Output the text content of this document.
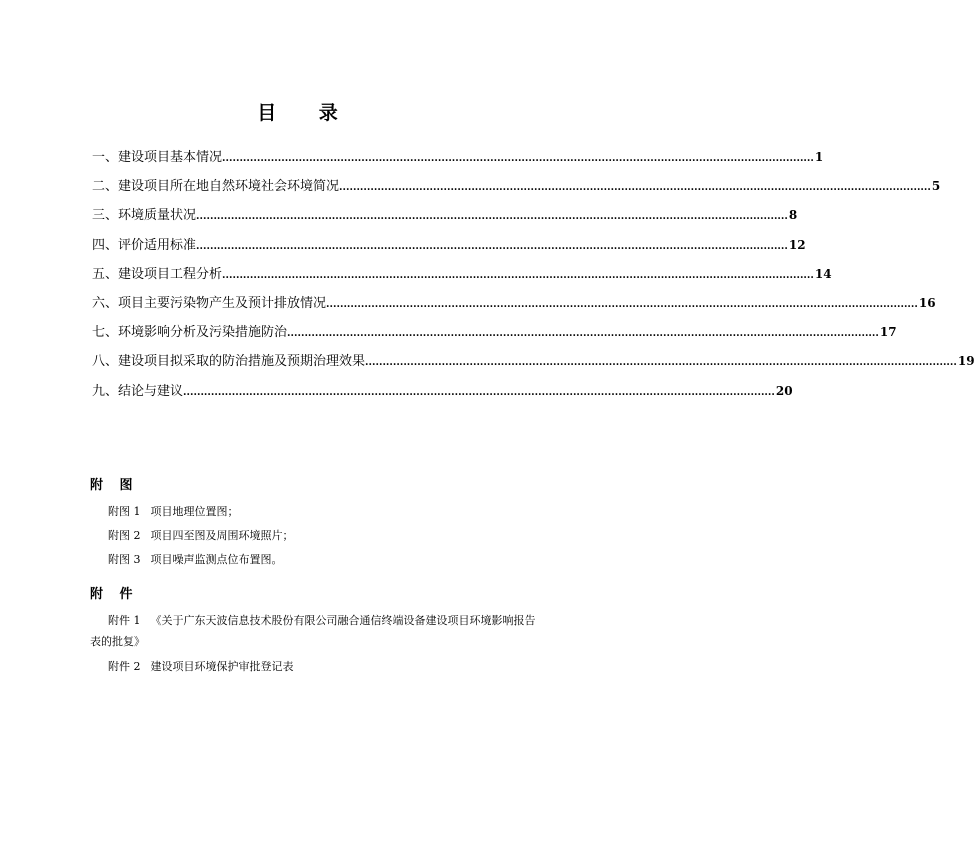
目 录
一、 建设项目基本情况 .......................................................................................................................................................................... 1
二、 建设项目所在地自然环境社会环境简况 .......................................................................................................................................................................... 5
三、 环境质量状况 .......................................................................................................................................................................... 8
四、 评价适用标准 .......................................................................................................................................................................... 12
五、 建设项目工程分析 .......................................................................................................................................................................... 14
六、 项目主要污染物产生及预计排放情况 .......................................................................................................................................................................... 16
七、 环境影响分析及污染措施防治 .......................................................................................................................................................................... 17
八、 建设项目拟采取的防治措施及预期治理效果 .......................................................................................................................................................................... 19
九、 结论与建议 .......................................................................................................................................................................... 20
附 图

附图 1 项目地理位置图；

附图 2 项目四至图及周围环境照片；

附图 3 项目噪声监测点位布置图。

附 件

附件 1 《关于广东天波信息技术股份有限公司融合通信终端设备建设项目环境影响报告表的批复》

附件 2 建设项目环境保护审批登记表
